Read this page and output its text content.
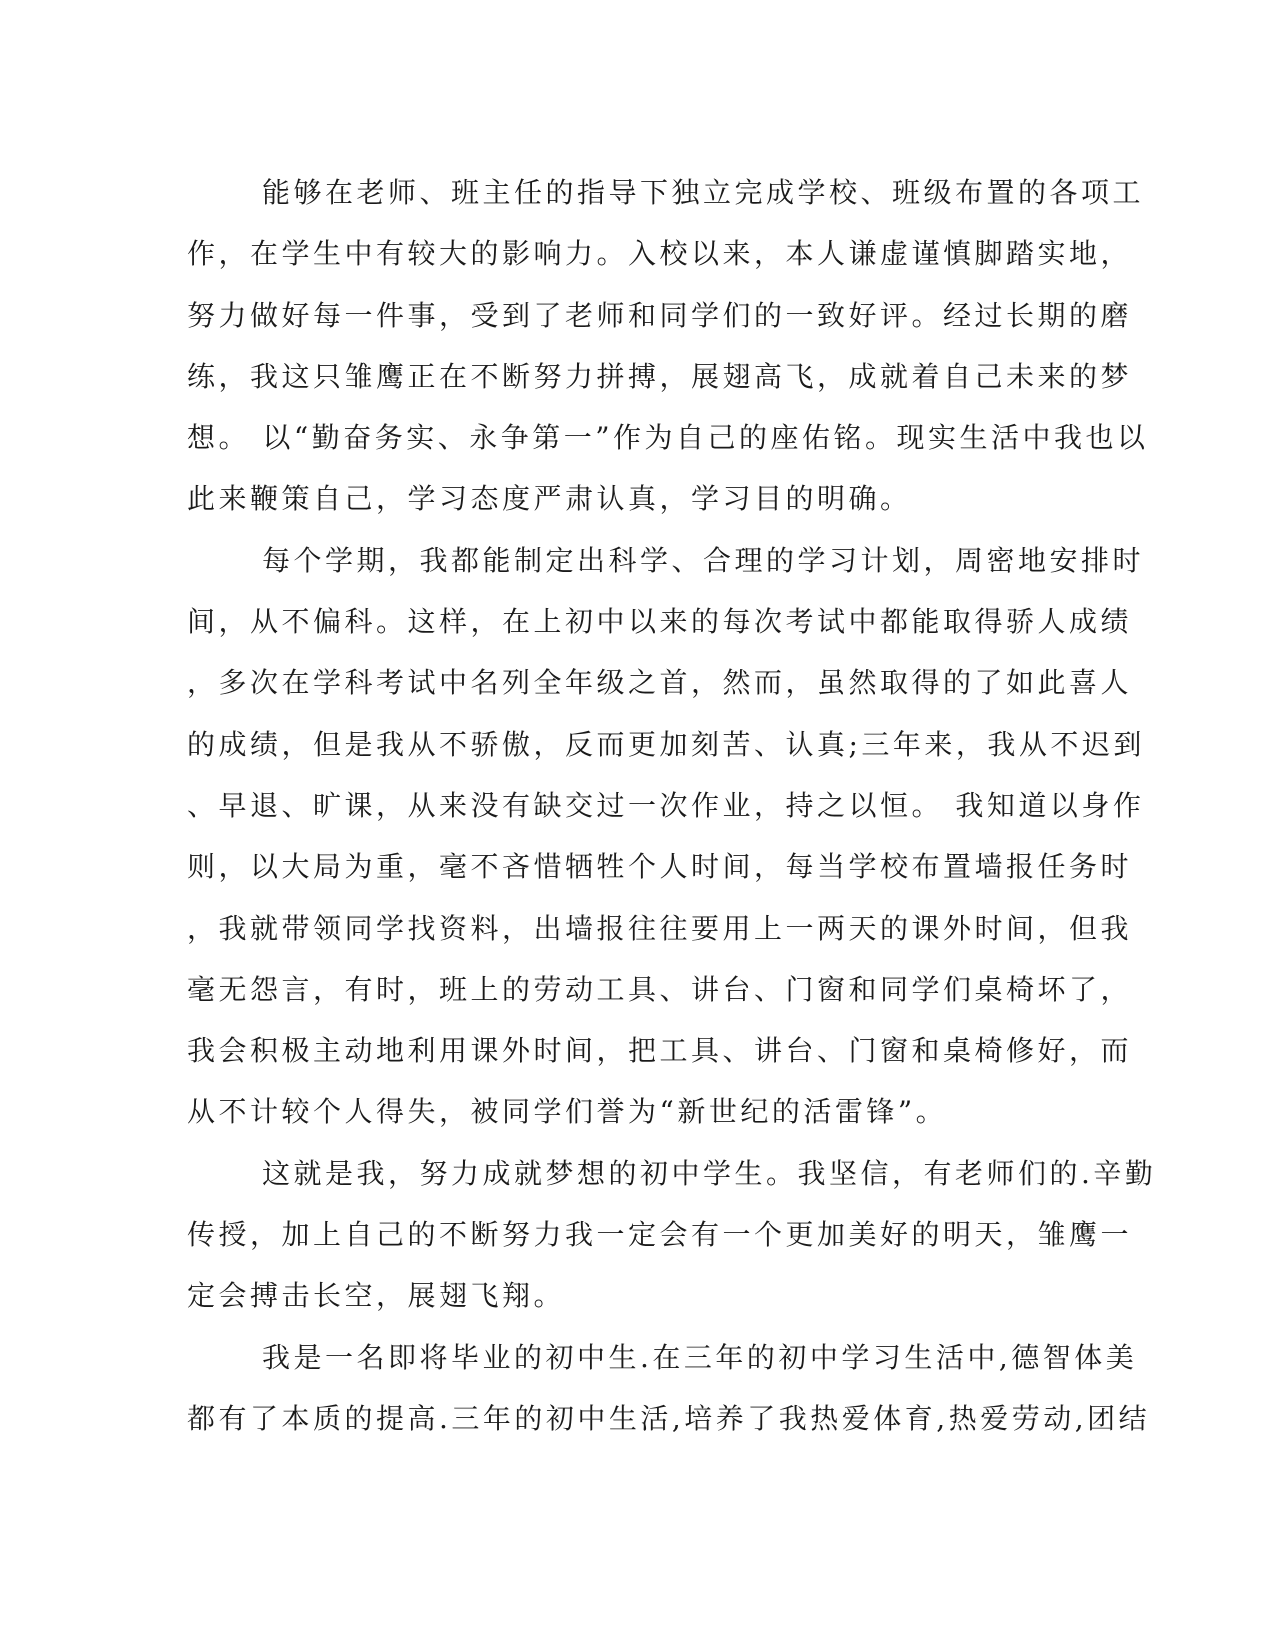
能够在老师、班主任的指导下独立完成学校、班级布置的各项工
作，在学生中有较大的影响力。入校以来，本人谦虚谨慎脚踏实地，
努力做好每一件事，受到了老师和同学们的一致好评。经过长期的磨
练，我这只雏鹰正在不断努力拼搏，展翅高飞，成就着自己未来的梦
想。 以“勤奋务实、永争第一”作为自己的座佑铭。现实生活中我也以
此来鞭策自己，学习态度严肃认真，学习目的明确。
每个学期，我都能制定出科学、合理的学习计划，周密地安排时
间，从不偏科。这样，在上初中以来的每次考试中都能取得骄人成绩
，多次在学科考试中名列全年级之首，然而，虽然取得的了如此喜人
的成绩，但是我从不骄傲，反而更加刻苦、认真;三年来，我从不迟到
、早退、旷课，从来没有缺交过一次作业，持之以恒。 我知道以身作
则，以大局为重，毫不吝惜牺牲个人时间，每当学校布置墙报任务时
，我就带领同学找资料，出墙报往往要用上一两天的课外时间，但我
毫无怨言，有时，班上的劳动工具、讲台、门窗和同学们桌椅坏了，
我会积极主动地利用课外时间，把工具、讲台、门窗和桌椅修好，而
从不计较个人得失，被同学们誉为“新世纪的活雷锋”。
这就是我，努力成就梦想的初中学生。我坚信，有老师们的.辛勤
传授，加上自己的不断努力我一定会有一个更加美好的明天，雏鹰一
定会搏击长空，展翅飞翔。
我是一名即将毕业的初中生.在三年的初中学习生活中,德智体美
都有了本质的提高.三年的初中生活,培养了我热爱体育,热爱劳动,团结
